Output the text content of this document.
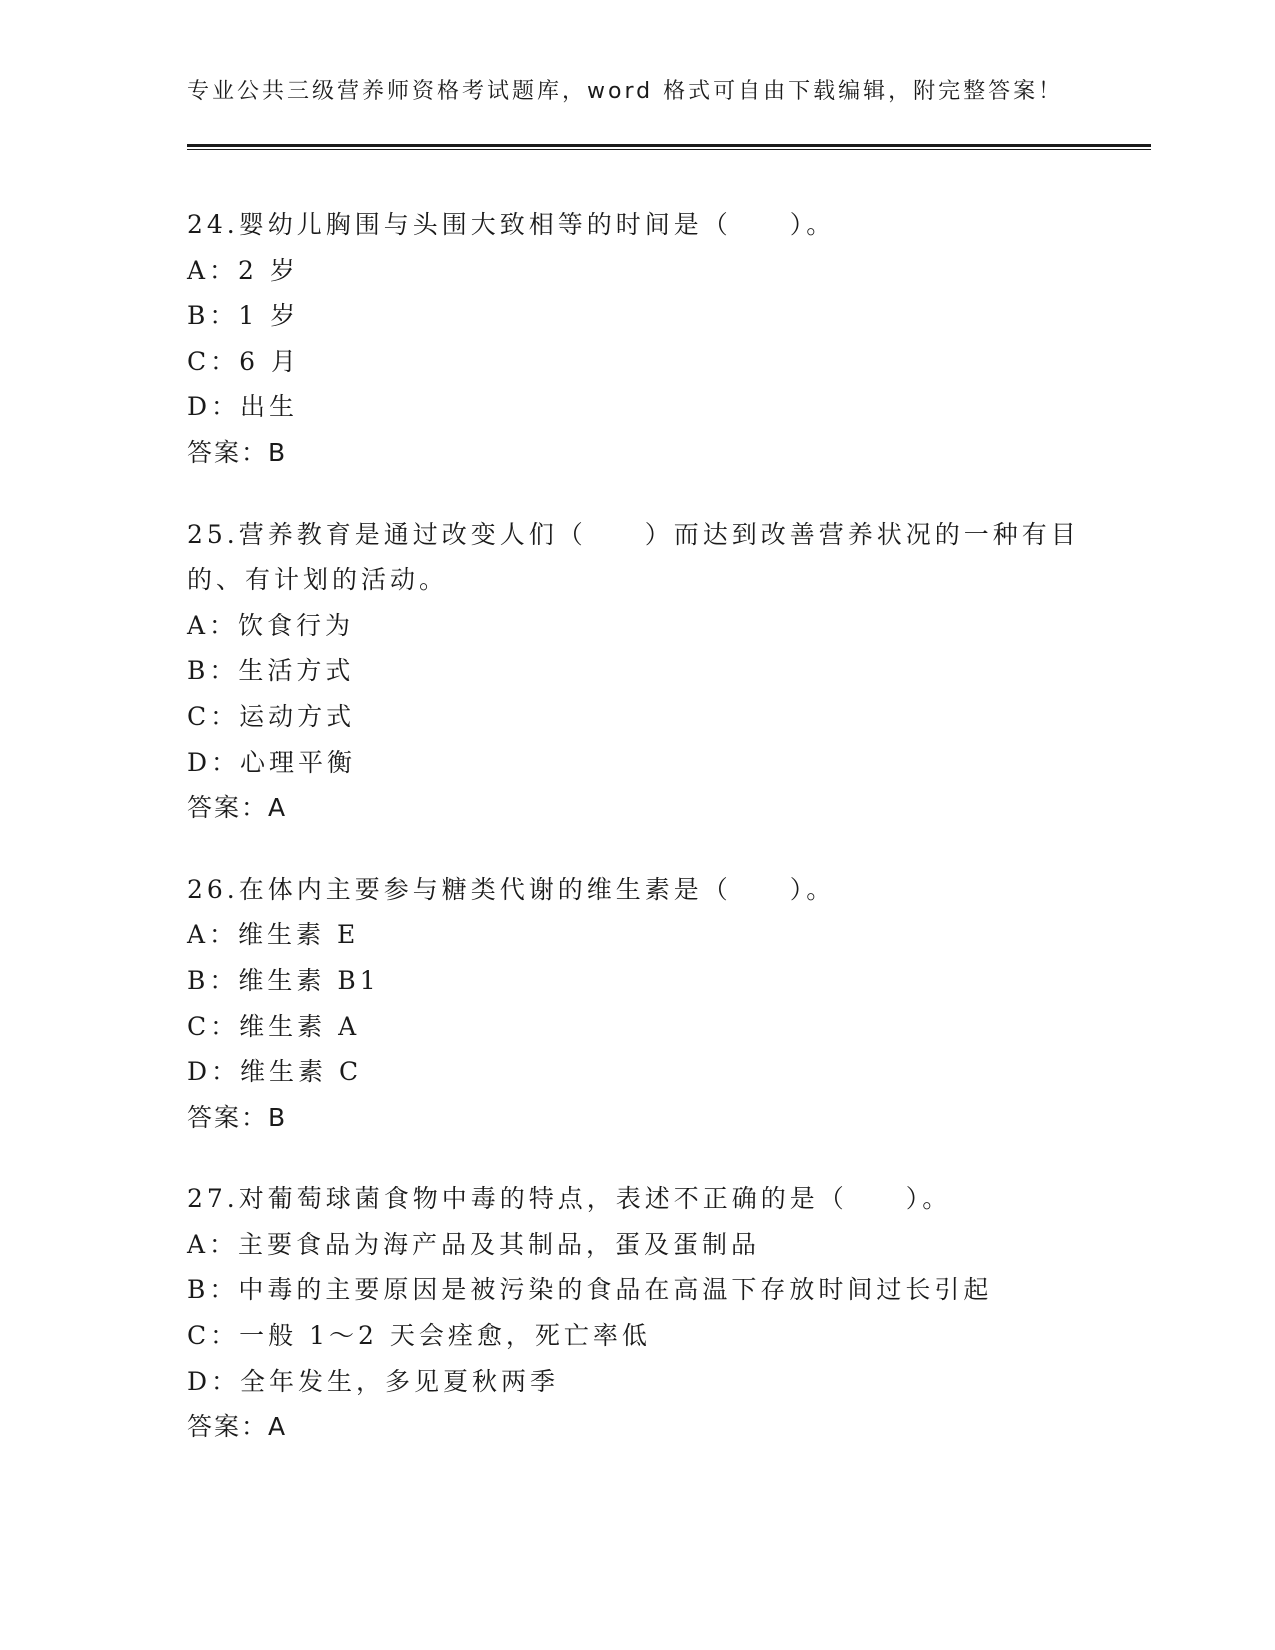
专业公共三级营养师资格考试题库，word 格式可自由下载编辑，附完整答案！
24.婴幼儿胸围与头围大致相等的时间是（　　）。
A：2 岁
B：1 岁
C：6 月
D：出生
答案：B
25.营养教育是通过改变人们（　　）而达到改善营养状况的一种有目的、有计划的活动。
A：饮食行为
B：生活方式
C：运动方式
D：心理平衡
答案：A
26.在体内主要参与糖类代谢的维生素是（　　）。
A：维生素 E
B：维生素 B1
C：维生素 A
D：维生素 C
答案：B
27.对葡萄球菌食物中毒的特点，表述不正确的是（　　）。
A：主要食品为海产品及其制品，蛋及蛋制品
B：中毒的主要原因是被污染的食品在高温下存放时间过长引起
C：一般 1～2 天会痊愈，死亡率低
D：全年发生，多见夏秋两季
答案：A
